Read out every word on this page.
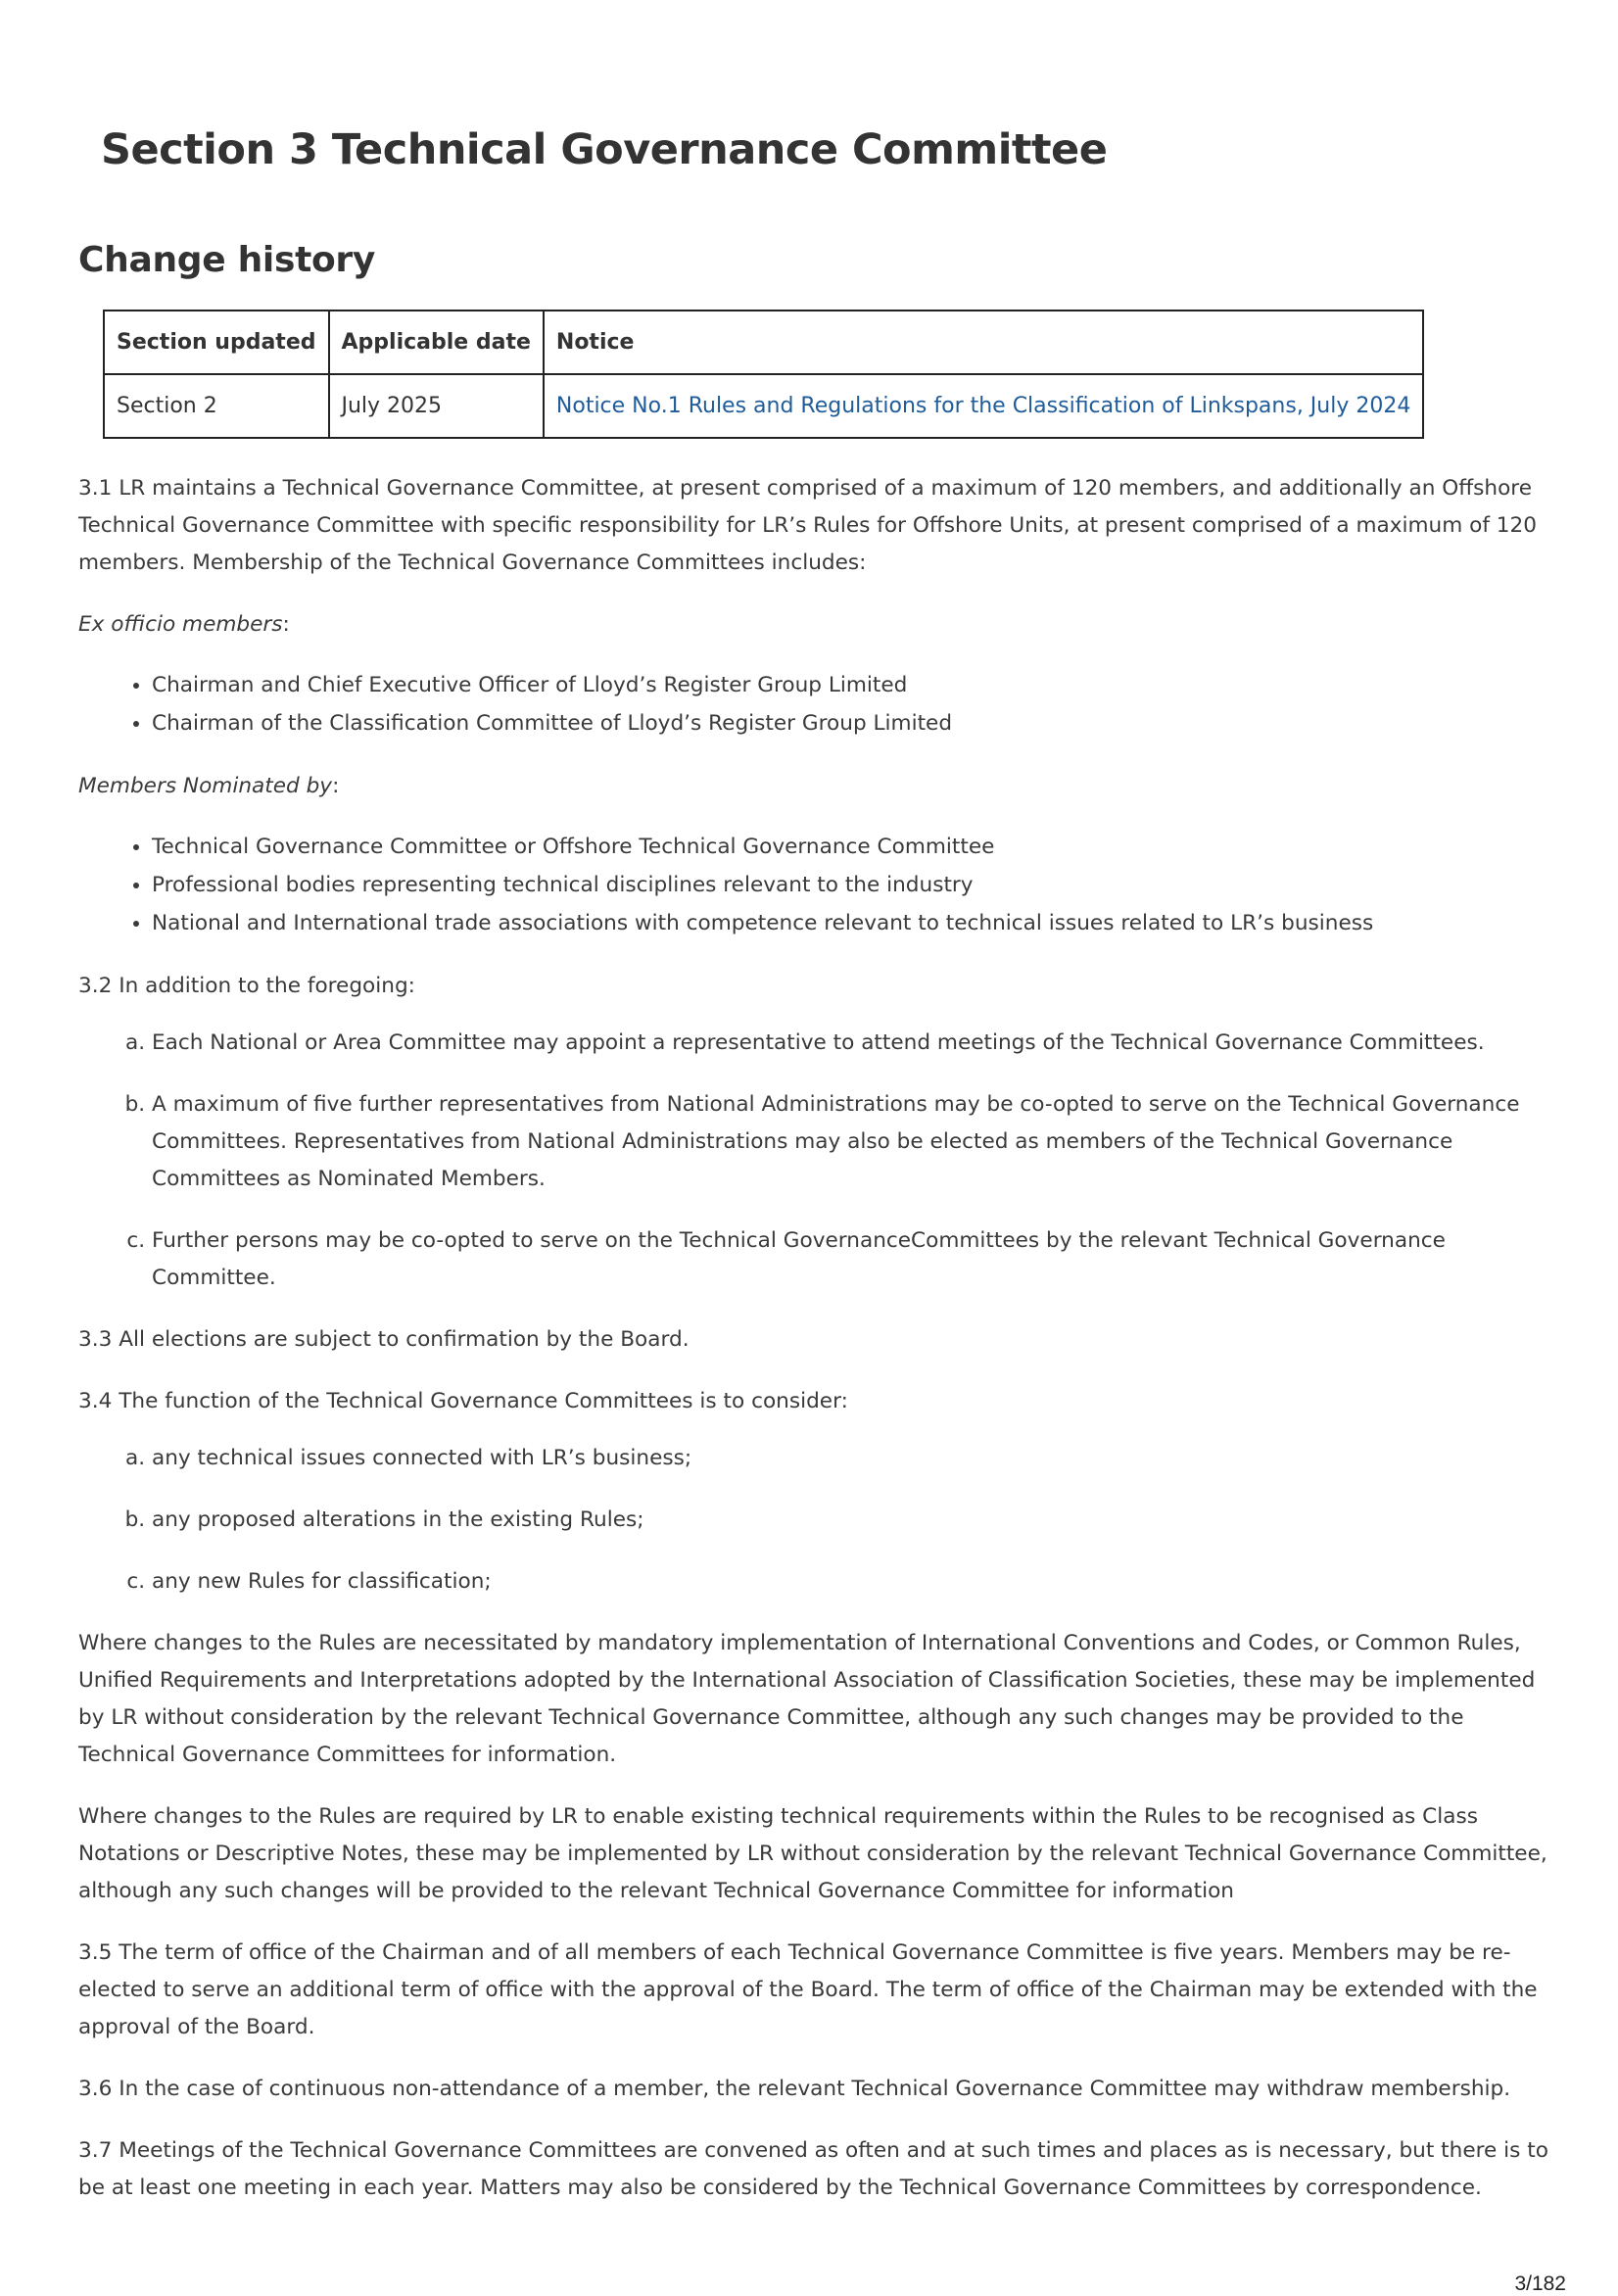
Section 3 Technical Governance Committee
Change history
Section updated	Applicable date	Notice
Section 2	July 2025	Notice No.1 Rules and Regulations for the Classification of Linkspans, July 2024

3.1 LR maintains a Technical Governance Committee, at present comprised of a maximum of 120 members, and additionally an Offshore Technical Governance Committee with specific responsibility for LR’s Rules for Offshore Units, at present comprised of a maximum of 120 members. Membership of the Technical Governance Committees includes:

Ex officio members:

• Chairman and Chief Executive Officer of Lloyd’s Register Group Limited
• Chairman of the Classification Committee of Lloyd’s Register Group Limited

Members Nominated by:

• Technical Governance Committee or Offshore Technical Governance Committee
• Professional bodies representing technical disciplines relevant to the industry
• National and International trade associations with competence relevant to technical issues related to LR’s business

3.2 In addition to the foregoing:

a. Each National or Area Committee may appoint a representative to attend meetings of the Technical Governance Committees.
b. A maximum of five further representatives from National Administrations may be co-opted to serve on the Technical Governance Committees. Representatives from National Administrations may also be elected as members of the Technical Governance Committees as Nominated Members.
c. Further persons may be co-opted to serve on the Technical GovernanceCommittees by the relevant Technical Governance Committee.

3.3 All elections are subject to confirmation by the Board.

3.4 The function of the Technical Governance Committees is to consider:

a. any technical issues connected with LR’s business;
b. any proposed alterations in the existing Rules;
c. any new Rules for classification;

Where changes to the Rules are necessitated by mandatory implementation of International Conventions and Codes, or Common Rules, Unified Requirements and Interpretations adopted by the International Association of Classification Societies, these may be implemented by LR without consideration by the relevant Technical Governance Committee, although any such changes may be provided to the Technical Governance Committees for information.

Where changes to the Rules are required by LR to enable existing technical requirements within the Rules to be recognised as Class Notations or Descriptive Notes, these may be implemented by LR without consideration by the relevant Technical Governance Committee, although any such changes will be provided to the relevant Technical Governance Committee for information

3.5 The term of office of the Chairman and of all members of each Technical Governance Committee is five years. Members may be re-elected to serve an additional term of office with the approval of the Board. The term of office of the Chairman may be extended with the approval of the Board.

3.6 In the case of continuous non-attendance of a member, the relevant Technical Governance Committee may withdraw membership.

3.7 Meetings of the Technical Governance Committees are convened as often and at such times and places as is necessary, but there is to be at least one meeting in each year. Matters may also be considered by the Technical Governance Committees by correspondence.

3/182
